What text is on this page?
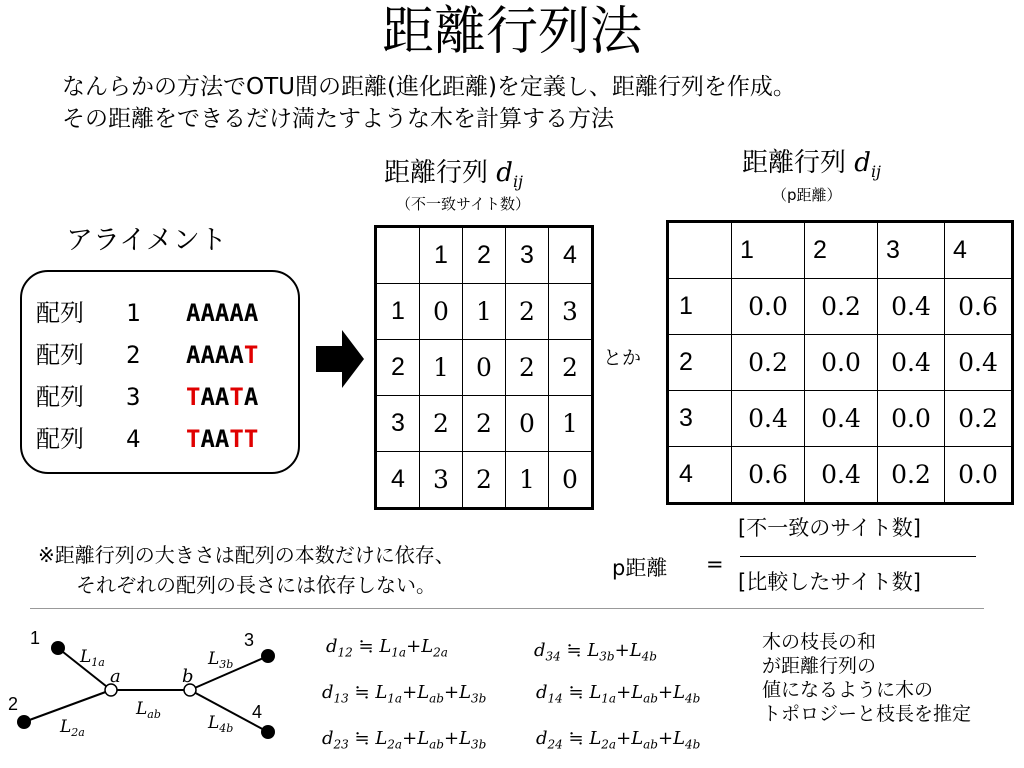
距離行列法
なんらかの方法でOTU間の距離(進化距離)を定義し、距離行列を作成。
その距離をできるだけ満たすような木を計算する方法
距離行列 $d_{ij}$
（不一致サイト数）
距離行列 $d_{ij}$
（p距離）
アライメント
配列 1 AAAAA
配列 2 AAAAT
配列 3 TAATA
配列 4 TAATT
	1	2	3	4
1	0	1	2	3
2	1	0	2	2
3	2	2	0	1
4	3	2	1	0
とか
	1	2	3	4
1	0.0	0.2	0.4	0.6
2	0.2	0.0	0.4	0.4
3	0.4	0.4	0.0	0.2
4	0.6	0.4	0.2	0.0
※距離行列の大きさは配列の本数だけに依存、
それぞれの配列の長さには依存しない。
p距離 =
[不一致のサイト数]
[比較したサイト数]
1
2
3
4
a	b
$L_{1a}$
$L_{2a}$
$L_{ab}$
$L_{3b}$
$L_{4b}$
$d_{12}$ ≒ $L_{1a}+L_{2a}$	$d_{34}$ ≒ $L_{3b}+L_{4b}$
$d_{13}$ ≒ $L_{1a}+L_{ab}+L_{3b}$	$d_{14}$ ≒ $L_{1a}+L_{ab}+L_{4b}$
$d_{23}$ ≒ $L_{2a}+L_{ab}+L_{3b}$	$d_{24}$ ≒ $L_{2a}+L_{ab}+L_{4b}$
木の枝長の和
が距離行列の
値になるように木の
トポロジーと枝長を推定
